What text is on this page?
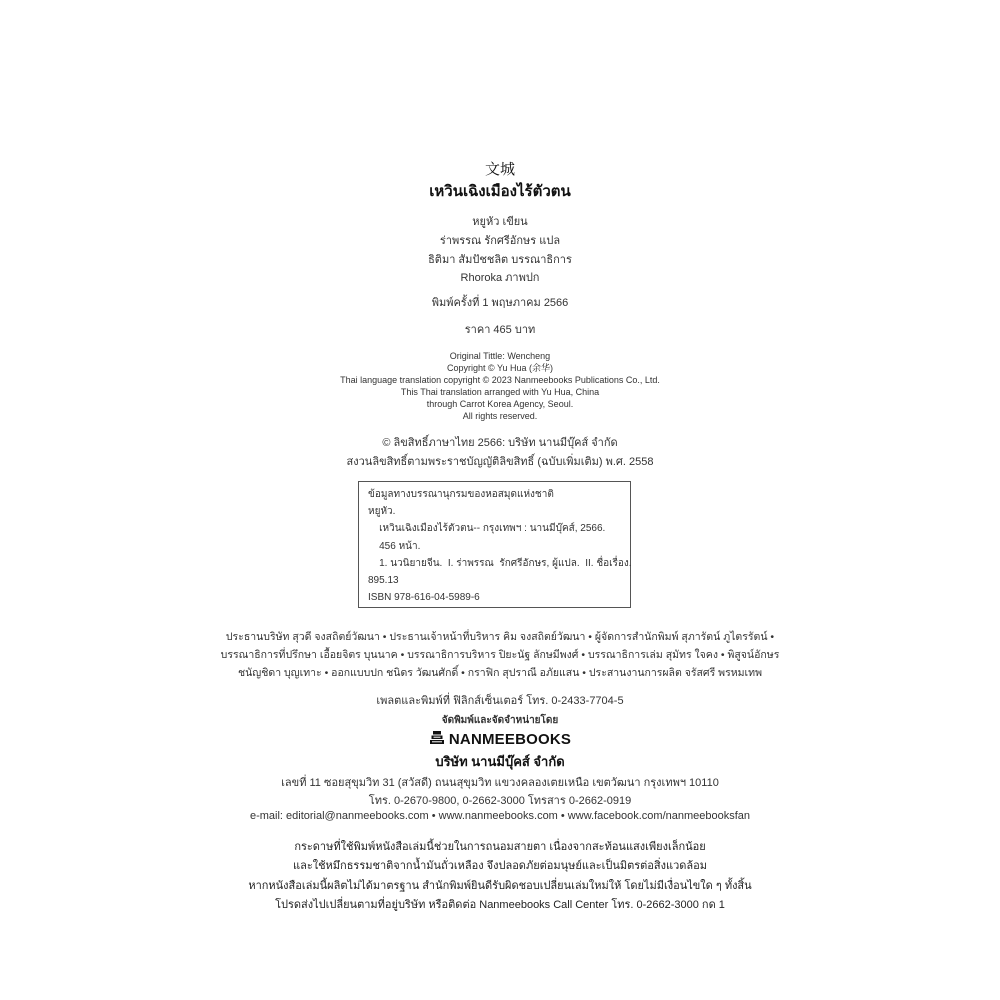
文城
เหวินเฉิงเมืองไร้ตัวตน
หยูหัว เขียน
ร่าพรรณ รักศรีอักษร แปล
ธิติมา สัมปัชชลิต บรรณาธิการ
Rhoroka ภาพปก
พิมพ์ครั้งที่ 1 พฤษภาคม 2566
ราคา 465 บาท
Original Tittle: Wencheng
Copyright © Yu Hua (余华)
Thai language translation copyright © 2023 Nanmeebooks Publications Co., Ltd.
This Thai translation arranged with Yu Hua, China
through Carrot Korea Agency, Seoul.
All rights reserved.
© ลิขสิทธิ์ภาษาไทย 2566: บริษัท นานมีบุ๊คส์ จำกัด
สงวนลิขสิทธิ์ตามพระราชบัญญัติลิขสิทธิ์ (ฉบับเพิ่มเติม) พ.ศ. 2558
ข้อมูลทางบรรณานุกรมของหอสมุดแห่งชาติ
หยูหัว.
เหวินเฉิงเมืองไร้ตัวตน-- กรุงเทพฯ : นานมีบุ๊คส์, 2566.
456 หน้า.
1. นวนิยายจีน.  I. ร่าพรรณ  รักศรีอักษร, ผู้แปล.  II. ชื่อเรื่อง.
895.13
ISBN 978-616-04-5989-6
ประธานบริษัท สุวดี จงสถิตย์วัฒนา • ประธานเจ้าหน้าที่บริหาร คิม จงสถิตย์วัฒนา • ผู้จัดการสำนักพิมพ์ สุภารัตน์ ภูไตรรัตน์ •
บรรณาธิการที่ปรึกษา เอื้อยจิตร บุนนาค • บรรณาธิการบริหาร ปิยะนัฐ ลักษมีพงศ์ • บรรณาธิการเล่ม สุมัทร ใจคง • พิสูจน์อักษร
ชนัญชิดา บุญเทาะ • ออกแบบปก ชนิดร วัฒนศักดิ์ • กราฟิก สุปราณี อภัยแสน • ประสานงานการผลิต จรัสศรี พรหมเทพ
เพลตและพิมพ์ที่ ฟิลิกส์เซ็นเตอร์ โทร. 0-2433-7704-5
จัดพิมพ์และจัดจำหน่ายโดย
NANMEEBOOKS
บริษัท นานมีบุ๊คส์ จำกัด
เลขที่ 11 ซอยสุขุมวิท 31 (สวัสดี) ถนนสุขุมวิท แขวงคลองเตยเหนือ เขตวัฒนา กรุงเทพฯ 10110
โทร. 0-2670-9800, 0-2662-3000 โทรสาร 0-2662-0919
e-mail: editorial@nanmeebooks.com • www.nanmeebooks.com • www.facebook.com/nanmeebooksfan
กระดาษที่ใช้พิมพ์หนังสือเล่มนี้ช่วยในการถนอมสายตา เนื่องจากสะท้อนแสงเพียงเล็กน้อย
และใช้หมึกธรรมชาติจากน้ำมันถั่วเหลือง จึงปลอดภัยต่อมนุษย์และเป็นมิตรต่อสิ่งแวดล้อม
หากหนังสือเล่มนี้ผลิตไม่ได้มาตรฐาน สำนักพิมพ์ยินดีรับผิดชอบเปลี่ยนเล่มใหม่ให้ โดยไม่มีเงื่อนไขใด ๆ ทั้งสิ้น
โปรดส่งไปเปลี่ยนตามที่อยู่บริษัท หรือติดต่อ Nanmeebooks Call Center โทร. 0-2662-3000 กด 1
